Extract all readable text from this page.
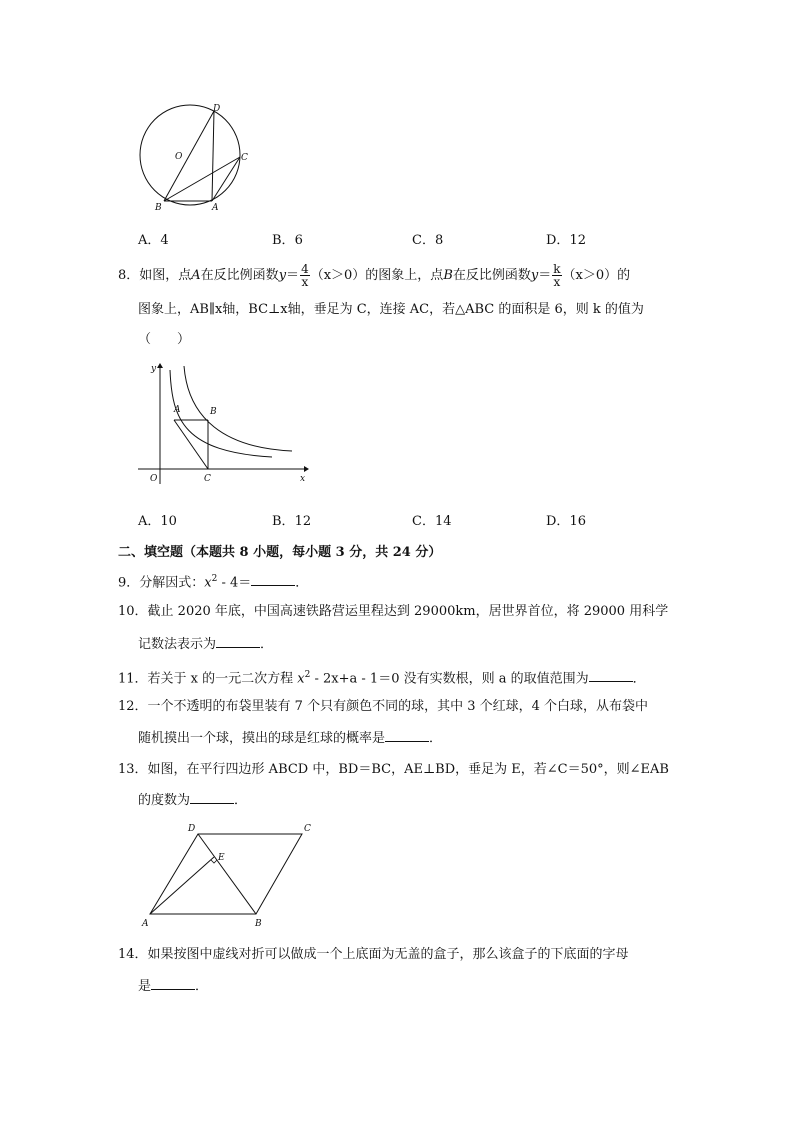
D
O	C
B	A
A．4	B．6	C．8	D．12
8．如图，点A在反比例函数$y= \frac{4}{x} (x>0)$的图象上，点B在反比例函数$y= \frac{k}{x} (x>0)$的
图象上，AB∥x轴，BC⊥x轴，垂足为 C，连接 AC，若△ABC 的面积是 6，则 k 的值为
（　　）
y
A	B
O	C	x
A．10	B．12	C．14	D．16
二、填空题（本题共 8 小题，每小题 3 分，共 24 分）
9．分解因式：$x^2 - 4=$	．
10．截止 2020 年底，中国高速铁路营运里程达到 29000km，居世界首位，将 29000 用科学
记数法表示为	．
11．若关于 x 的一元二次方程 $x^2 - 2x+a - 1=0$ 没有实数根，则 a 的取值范围为	．
12．一个不透明的布袋里装有 7 个只有颜色不同的球，其中 3 个红球，4 个白球，从布袋中
随机摸出一个球，摸出的球是红球的概率是	．
13．如图，在平行四边形 ABCD 中，BD＝BC，AE⊥BD，垂足为 E，若∠C＝50°，则∠EAB
的度数为	．
D	C
E
A	B
14．如果按图中虚线对折可以做成一个上底面为无盖的盒子，那么该盒子的下底面的字母
是	．
